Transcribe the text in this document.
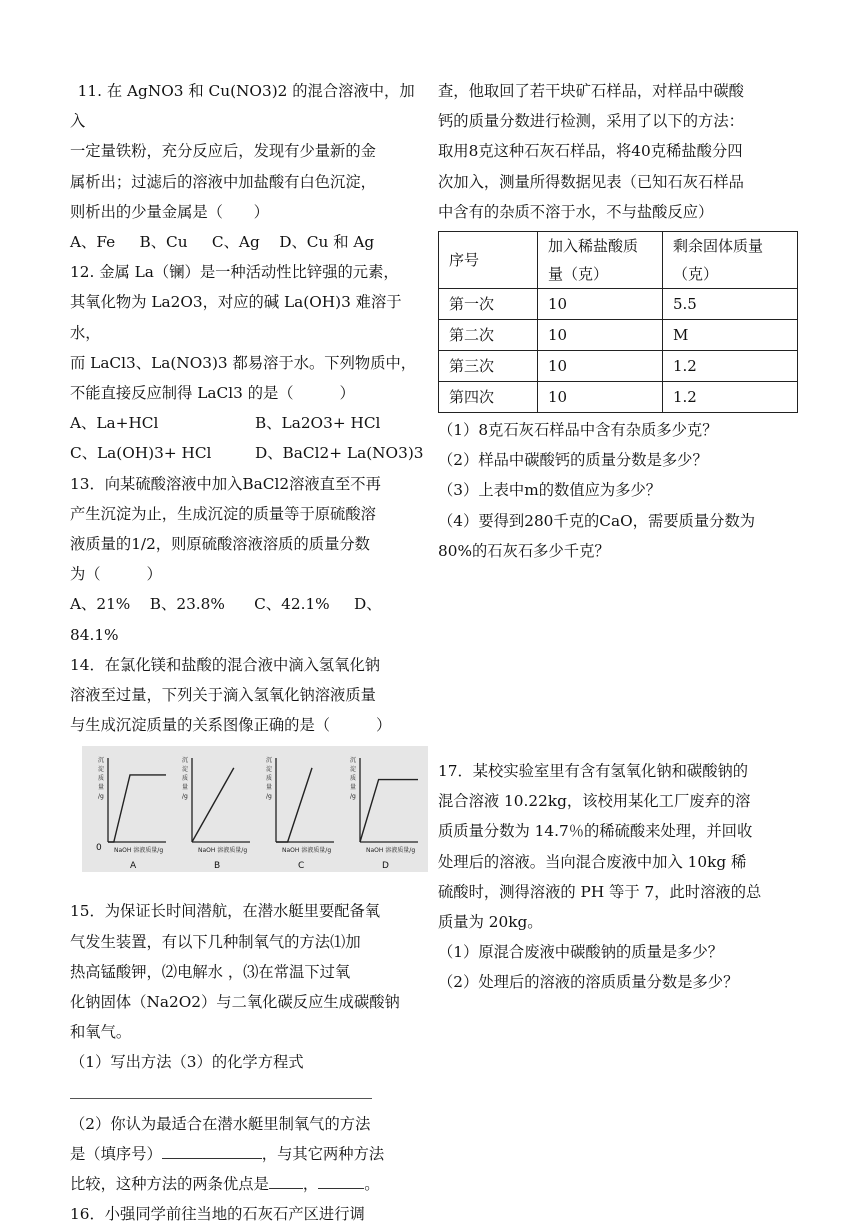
11. 在 AgNO3 和 Cu(NO3)2 的混合溶液中，加入

一定量铁粉，充分反应后，发现有少量新的金

属析出；过滤后的溶液中加盐酸有白色沉淀，

则析出的少量金属是（　　）

A、Fe B、Cu C、Ag D、Cu 和 Ag

12. 金属 La（镧）是一种活动性比锌强的元素，

其氧化物为 La2O3，对应的碱 La(OH)3 难溶于水，

而 LaCl3、La(NO3)3 都易溶于水。下列物质中，

不能直接反应制得 LaCl3 的是（　　　）

A、La+HCl	B、La2O3+ HCl

C、La(OH)3+ HCl	D、BaCl2+ La(NO3)3

13．向某硫酸溶液中加入BaCl2溶液直至不再

产生沉淀为止，生成沉淀的质量等于原硫酸溶

液质量的1/2，则原硫酸溶液溶质的质量分数

为（　　　）

A、21% B、23.8% C、42.1% D、84.1%

14．在氯化镁和盐酸的混合液中滴入氢氧化钠

溶液至过量，下列关于滴入氢氧化钠溶液质量

与生成沉淀质量的关系图像正确的是（　　　）

沉
淀
质
量
/g
NaOH 溶液质量/g
A
沉
淀
质
量
/g
NaOH 溶液质量/g
B
沉
淀
质
量
/g
NaOH 溶液质量/g
C
沉
淀
质
量
/g
NaOH 溶液质量/g
D
0

15．为保证长时间潜航，在潜水艇里要配备氧

气发生装置，有以下几种制氧气的方法⑴加

热高锰酸钾，⑵电解水 ，⑶在常温下过氧

化钠固体（Na2O2）与二氧化碳反应生成碳酸钠

和氧气。

（1）写出方法（3）的化学方程式

（2）你认为最适合在潜水艇里制氧气的方法

是（填序号）	，与其它两种方法

比较，这种方法的两条优点是 ，	。

16．小强同学前往当地的石灰石产区进行调

查，他取回了若干块矿石样品，对样品中碳酸

钙的质量分数进行检测，采用了以下的方法：

取用8克这种石灰石样品，将40克稀盐酸分四

次加入，测量所得数据见表（已知石灰石样品

中含有的杂质不溶于水，不与盐酸反应）

序号	加入稀盐酸质量（克）	剩余固体质量（克）
第一次	10	5.5
第二次	10	M
第三次	10	1.2
第四次	10	1.2

（1）8克石灰石样品中含有杂质多少克？

（2）样品中碳酸钙的质量分数是多少？

（3）上表中m的数值应为多少？

（4）要得到280千克的CaO，需要质量分数为

80%的石灰石多少千克？

17．某校实验室里有含有氢氧化钠和碳酸钠的

混合溶液 10.22kg，该校用某化工厂废弃的溶

质质量分数为 14.7％的稀硫酸来处理，并回收

处理后的溶液。当向混合废液中加入 10kg 稀

硫酸时，测得溶液的 PH 等于 7，此时溶液的总

质量为 20kg。

（1）原混合废液中碳酸钠的质量是多少？

（2）处理后的溶液的溶质质量分数是多少？
